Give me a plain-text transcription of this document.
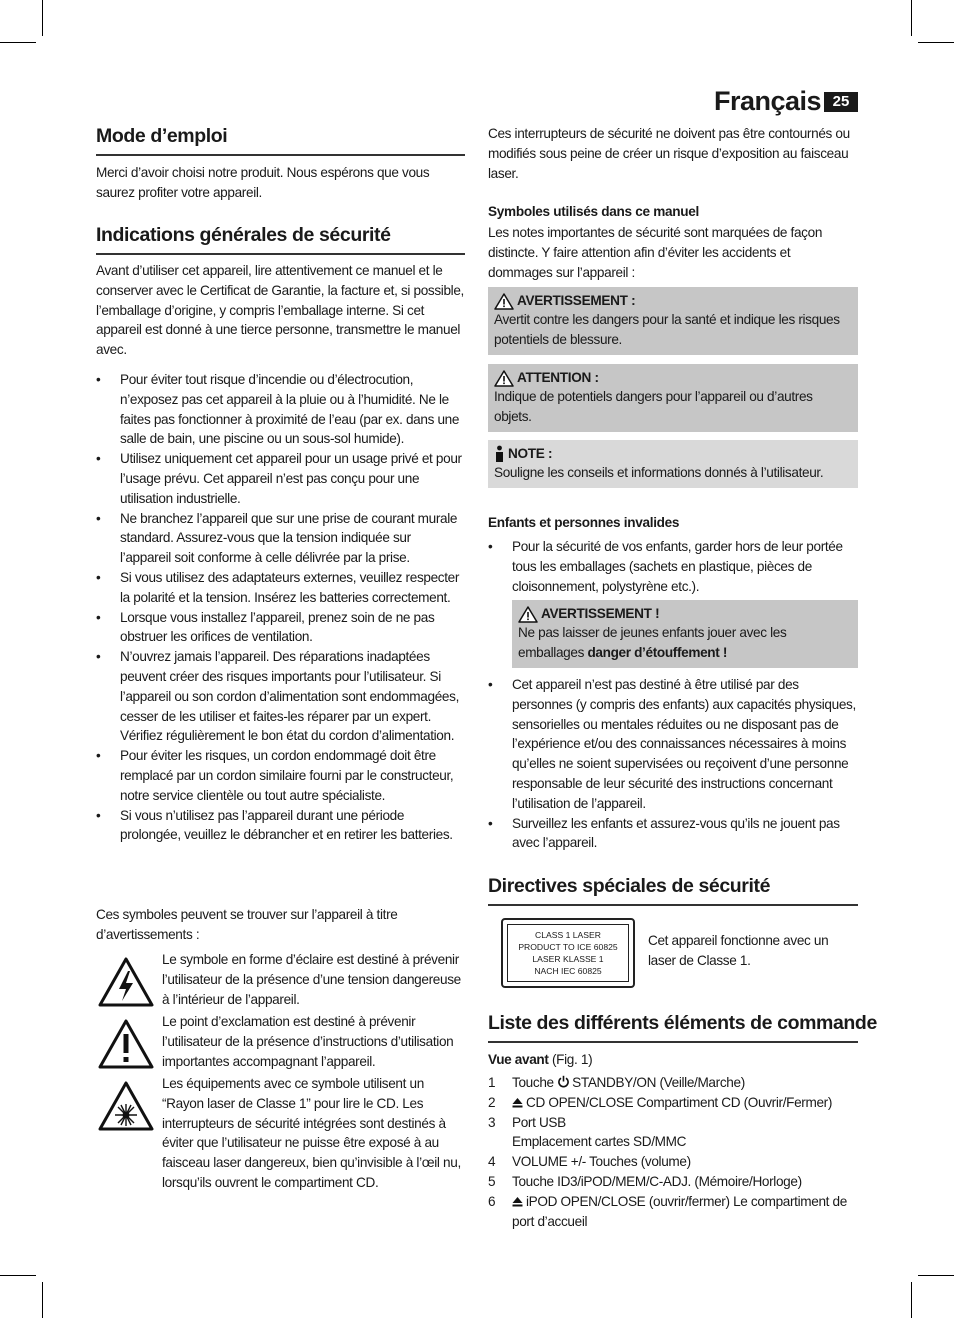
Français 25
Mode d’emploi

Merci d’avoir choisi notre produit. Nous espérons que vous saurez profiter votre appareil.

Indications générales de sécurité

Avant d’utiliser cet appareil, lire attentivement ce manuel et le conserver avec le Certificat de Garantie, la facture et, si possible, l’emballage d’origine, y compris l’emballage interne. Si cet appareil est donné à une tierce personne, transmettre le manuel avec.

• Pour éviter tout risque d’incendie ou d’électrocution, n’exposez pas cet appareil à la pluie ou à l’humidité. Ne le faites pas fonctionner à proximité de l’eau (par ex. dans une salle de bain, une piscine ou un sous-sol humide).
• Utilisez uniquement cet appareil pour un usage privé et pour l’usage prévu. Cet appareil n’est pas conçu pour une utilisation industrielle.
• Ne branchez l’appareil que sur une prise de courant murale standard. Assurez-vous que la tension indiquée sur l’appareil soit conforme à celle délivrée par la prise.
• Si vous utilisez des adaptateurs externes, veuillez respecter la polarité et la tension. Insérez les batteries correctement.
• Lorsque vous installez l’appareil, prenez soin de ne pas obstruer les orifices de ventilation.
• N’ouvrez jamais l’appareil. Des réparations inadaptées peuvent créer des risques importants pour l’utilisateur. Si l’appareil ou son cordon d’alimentation sont endommagées, cesser de les utiliser et faites-les réparer par un expert. Vérifiez régulièrement le bon état du cordon d’alimentation.
• Pour éviter les risques, un cordon endommagé doit être remplacé par un cordon similaire fourni par le constructeur, notre service clientèle ou tout autre spécialiste.
• Si vous n’utilisez pas l’appareil durant une période prolongée, veuillez le débrancher et en retirer les batteries.

Ces symboles peuvent se trouver sur l’appareil à titre d’avertissements :

Le symbole en forme d’éclaire est destiné à prévenir l’utilisateur de la présence d’une tension dangereuse à l’intérieur de l’appareil.
Le point d’exclamation est destiné à prévenir l’utilisateur de la présence d’instructions d’utilisation importantes accompagnant l’appareil.
Les équipements avec ce symbole utilisent un “Rayon laser de Classe 1” pour lire le CD. Les interrupteurs de sécurité intégrées sont destinés à éviter que l’utilisateur ne puisse être exposé à au faisceau laser dangereux, bien qu’invisible à l’œil nu, lorsqu’ils ouvrent le compartiment CD.

Ces interrupteurs de sécurité ne doivent pas être contournés ou modifiés sous peine de créer un risque d’exposition au faisceau laser.

Symboles utilisés dans ce manuel

Les notes importantes de sécurité sont marquées de façon distincte. Y faire attention afin d’éviter les accidents et dommages sur l’appareil :

AVERTISSEMENT :
Avertit contre les dangers pour la santé et indique les risques potentiels de blessure.
ATTENTION :
Indique de potentiels dangers pour l’appareil ou d’autres objets.
NOTE :
Souligne les conseils et informations donnés à l’utilisateur.
Enfants et personnes invalides
• Pour la sécurité de vos enfants, garder hors de leur portée tous les emballages (sachets en plastique, pièces de cloisonnement, polystyrène etc.).
AVERTISSEMENT !
Ne pas laisser de jeunes enfants jouer avec les emballages danger d’étouffement !
• Cet appareil n’est pas destiné à être utilisé par des personnes (y compris des enfants) aux capacités physiques, sensorielles ou mentales réduites ou ne disposant pas de l’expérience et/ou des connaissances nécessaires à moins qu’elles ne soient supervisées ou reçoivent d’une personne responsable de leur sécurité des instructions concernant l’utilisation de l’appareil.
• Surveillez les enfants et assurez-vous qu’ils ne jouent pas avec l’appareil.
Directives spéciales de sécurité
CLASS 1 LASER
PRODUCT TO ICE 60825
LASER KLASSE 1
NACH IEC 60825

Cet appareil fonctionne avec un laser de Classe 1.

Liste des différents éléments de commande

Vue avant (Fig. 1)

1 Touche STANDBY/ON (Veille/Marche)
2 CD OPEN/CLOSE Compartiment CD (Ouvrir/Fermer)
3 Port USB
Emplacement cartes SD/MMC
4 VOLUME +/- Touches (volume)
5 Touche ID3/iPOD/MEM/C-ADJ. (Mémoire/Horloge)
6 iPOD OPEN/CLOSE (ouvrir/fermer) Le compartiment de port d’accueil
